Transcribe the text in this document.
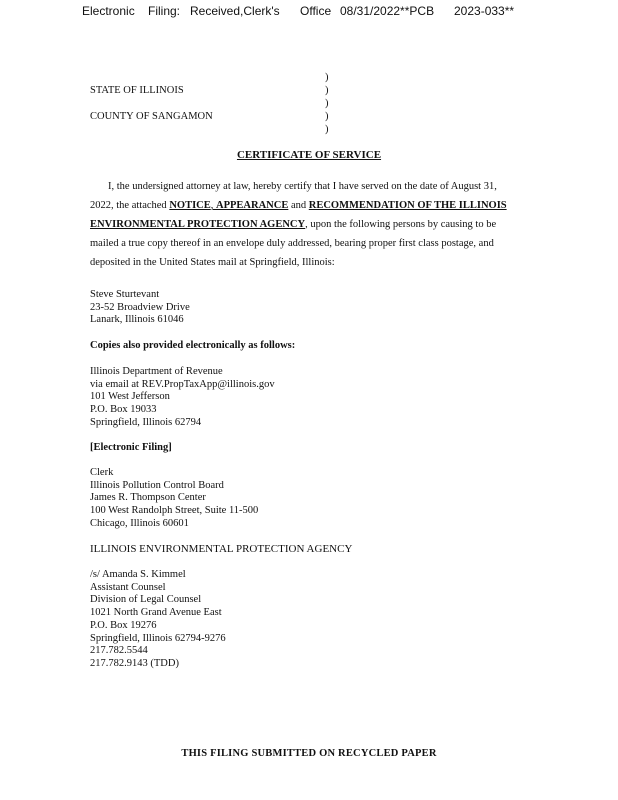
Electronic

Filing:

Received,Clerk's

Office

08/31/2022**PCB

2023-033**

STATE OF ILLINOIS
COUNTY OF SANGAMON
)
)
)
)
)
CERTIFICATE OF SERVICE
I, the undersigned attorney at law, hereby certify that I have served on the date of August 31,
2022, the attached NOTICE, APPEARANCE and RECOMMENDATION OF THE ILLINOIS
ENVIRONMENTAL PROTECTION AGENCY, upon the following persons by causing to be
mailed a true copy thereof in an envelope duly addressed, bearing proper first class postage, and
deposited in the United States mail at Springfield, Illinois:
Steve Sturtevant
23-52 Broadview Drive
Lanark, Illinois 61046
Copies also provided electronically as follows:
Illinois Department of Revenue
via email at REV.PropTaxApp@illinois.gov
101 West Jefferson
P.O. Box 19033
Springfield, Illinois 62794
[Electronic Filing]
Clerk
Illinois Pollution Control Board
James R. Thompson Center
100 West Randolph Street, Suite 11-500
Chicago, Illinois 60601
ILLINOIS ENVIRONMENTAL PROTECTION AGENCY
/s/ Amanda S. Kimmel
Assistant Counsel
Division of Legal Counsel
1021 North Grand Avenue East
P.O. Box 19276
Springfield, Illinois 62794-9276
217.782.5544
217.782.9143 (TDD)
THIS FILING SUBMITTED ON RECYCLED PAPER
